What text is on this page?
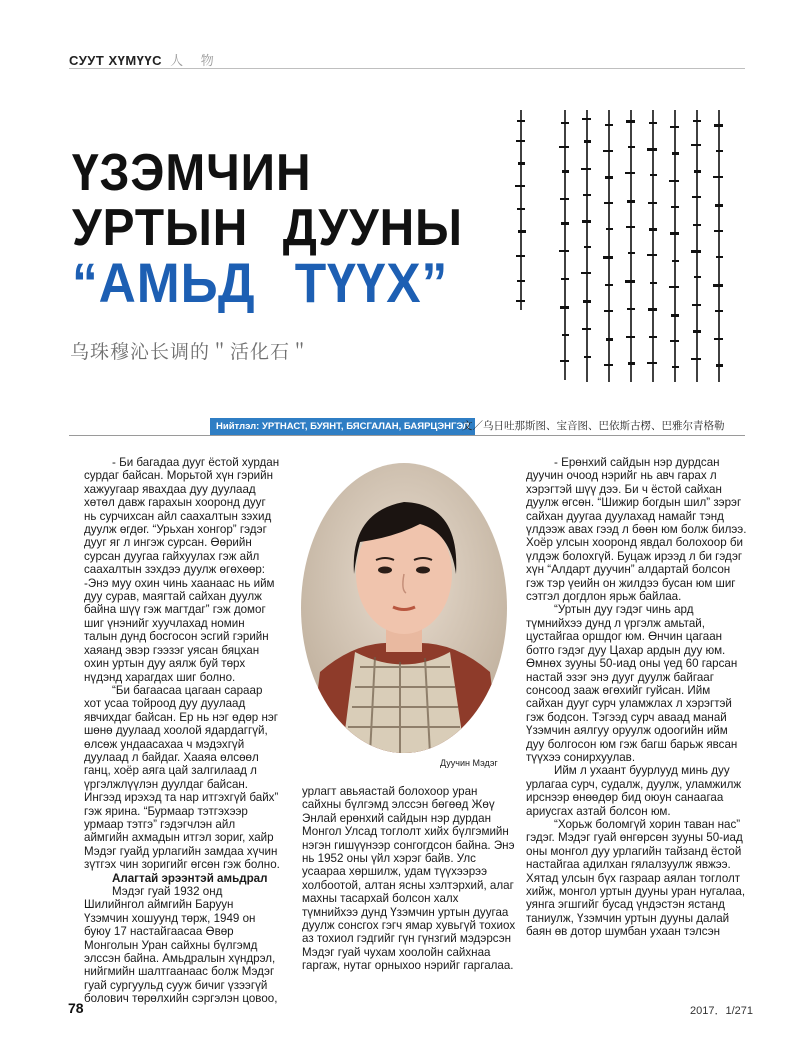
СУУТ ХҮМҮҮС 人 物
ҮЗЭМЧИН
УРТЫН ДУУНЫ
“АМЬД ТҮҮХ”
乌珠穆沁长调的＂活化石＂
Нийтлэл: УРТНАСТ, БУЯНТ, БЯСГАЛАН, БАЯРЦЭНГЭЛ
文／乌日吐那斯图、宝音图、巴依斯古楞、巴雅尔青格勒

- Би багадаа дууг ёстой хурдан сурдаг байсан. Морьтой хүн гэрийн хажуугаар явахдаа дуу дуулаад хөтөл давж гарахын хооронд дууг нь сурчихсан айл саахалтын зэхид дуулж өгдөг. “Урьхан хонгор” гэдэг дууг яг л ингэж сурсан. Өөрийн сурсан дуугаа гайхуулах гэж айл саахалтын зэхдээ дуулж өгөхөөр: -Энэ муу охин чинь хаанаас нь ийм дуу сурав, маягтай сайхан дуулж байна шүү гэж магтдаг” гэж домог шиг үнэнийг хуучлахад номин талын дунд босгосон эсгий гэрийн хаяанд эвэр гээзэг уясан бяцхан охин уртын дуу аялж буй төрх нүдэнд харагдах шиг болно.

“Би багаасаа цагаан сараар хот усаа тойроод дуу дуулаад явчихдаг байсан. Ер нь нэг өдөр нэг шөнө дуулаад хоолой ядардаггүй, өлсөж ундаасахаа ч мэдэхгүй дуулаад л байдаг. Хааяа өлсөөл ганц, хоёр аяга цай залгилаад л үргэлжлүүлэн дуулдаг байсан. Ингээд ирэхэд та нар итгэхгүй байх” гэж ярина. “Бурмаар тэтгэхээр урмаар тэтгэ” гэдэгчлэн айл аймгийн ахмадын итгэл зориг, хайр Мэдэг гуайд урлагийн замдаа хүчин зүтгэх чин зоригийг өгсөн гэж болно.

Алагтай эрээнтэй амьдрал

Мэдэг гуай 1932 онд Шилийнгол аймгийн Баруун Үзэмчин хошуунд төрж, 1949 он буюу 17 настайгаасаа Өвөр Монголын Уран сайхны бүлгэмд элссэн байна. Амьдралын хүндрэл, нийгмийн шалтгаанаас болж Мэдэг гуай сургуульд сууж бичиг үзээгүй болович төрөлхийн сэргэлэн цовоо,

Дуучин Мэдэг

урлагт авьяастай болохоор уран сайхны бүлгэмд элссэн бөгөөд Жөү Энлай ерөнхий сайдын нэр дурдан Монгол Улсад тоглолт хийх бүлгэмийн нэгэн гишүүнээр сонгогдсон байна. Энэ нь 1952 оны үйл хэрэг байв. Улс усаараа хөршилж, удам түүхээрээ холбоотой, алтан ясны хэлтэрхий, алаг махны тасархай болсон халх түмнийхээ дунд Үзэмчин уртын дуугаа дуулж сонсгох гэгч ямар хувьгүй тохиох аз тохиол гэдгийг гүн гүнзгий мэдэрсэн Мэдэг гуай чухам хоолойн сайхнаа гаргаж, нутаг орныхоо нэрийг гаргалаа.

- Ерөнхий сайдын нэр дурдсан дуучин очоод нэрийг нь авч гарах л хэрэгтэй шүү дээ. Би ч ёстой сайхан дуулж өгсөн. “Шижир богдын шил” зэрэг сайхан дуугаа дуулахад намайг тэнд үлдээж авах гээд л бөөн юм болж билээ. Хоёр улсын хооронд явдал болохоор би үлдэж болохгүй. Буцаж ирээд л би гэдэг хүн “Алдарт дуучин” алдартай болсон гэж тэр үеийн он жилдээ бусан юм шиг сэтгэл догдлон ярьж байлаа.

“Уртын дуу гэдэг чинь ард түмнийхээ дунд л үргэлж амьтай, цустайгаа оршдог юм. Өнчин цагаан ботго гэдэг дуу Цахар ардын дуу юм. Өмнөх зууны 50-иад оны үед 60 гарсан настай эзэг энэ дууг дуулж байгааг сонсоод зааж өгөхийг гуйсан. Ийм сайхан дууг сурч уламжлах л хэрэгтэй гэж бодсон. Тэгээд сурч аваад манай Үзэмчин аялгуу оруулж одоогийн ийм дуу болгосон юм гэж багш барьж явсан түүхээ сонирхуулав.

Ийм л ухаант буурлууд минь дуу урлагаа сурч, судалж, дуулж, уламжилж ирснээр өнөөдөр бид оюун санаагаа ариусгах азтай болсон юм.

“Хорьж боломгүй хорин таван нас” гэдэг. Мэдэг гуай өнгөрсөн зууны 50-иад оны монгол дуу урлагийн тайзанд ёстой настайгаа адилхан гялалзуулж явжээ. Хятад улсын бүх газраар аялан тоглолт хийж, монгол уртын дууны уран нугалаа, уянга эгшгийг бусад үндэстэн ястанд таниулж, Үзэмчин уртын дууны далай баян өв дотор шумбан ухаан тэлсэн

78	2017．1/271
